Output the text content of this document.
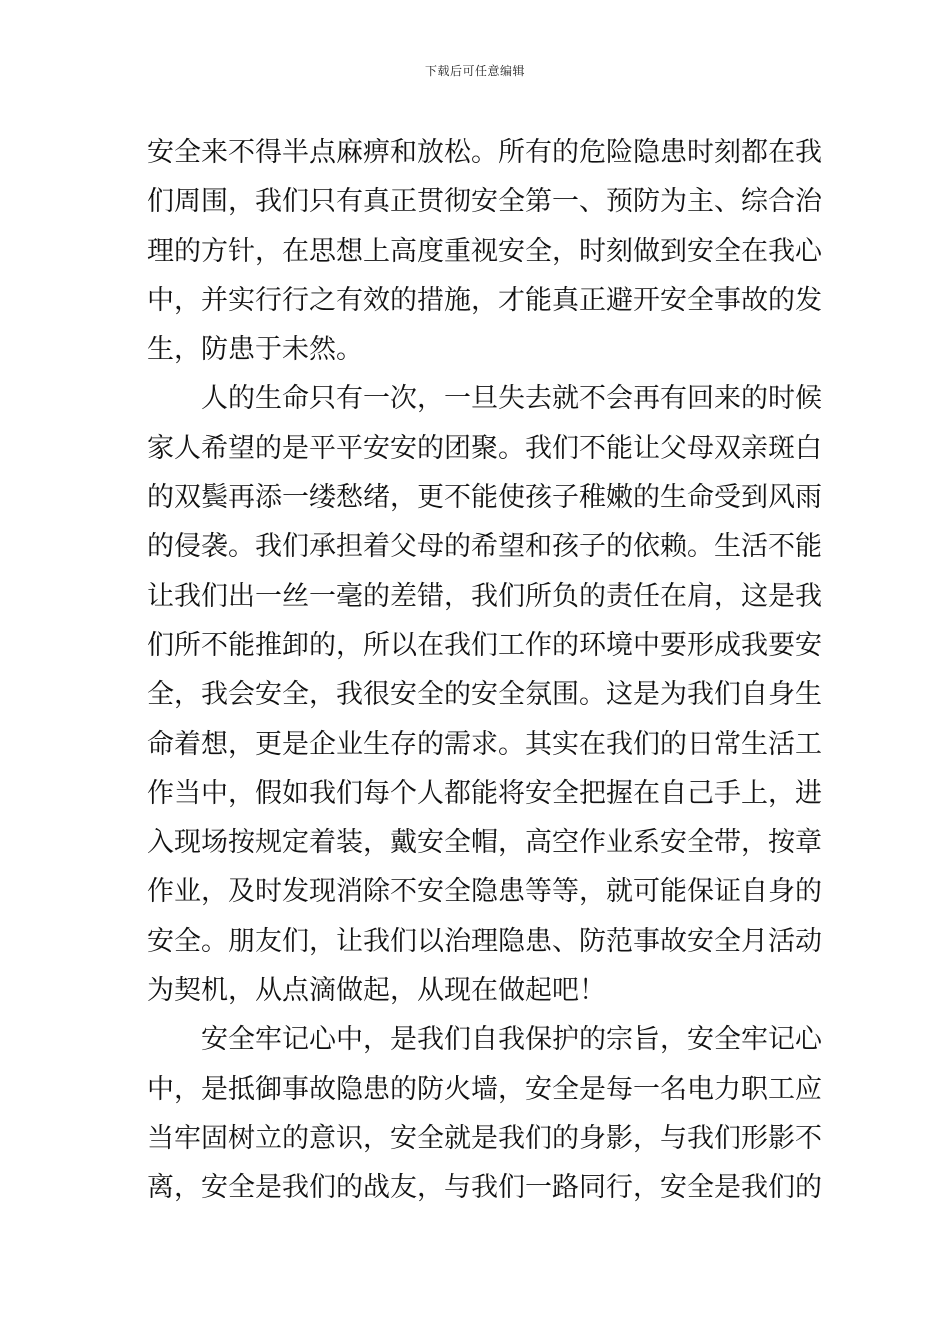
下载后可任意编辑
安全来不得半点麻痹和放松。所有的危险隐患时刻都在我
们周围，我们只有真正贯彻安全第一、预防为主、综合治
理的方针，在思想上高度重视安全，时刻做到安全在我心
中，并实行行之有效的措施，才能真正避开安全事故的发
生，防患于未然。
人的生命只有一次，一旦失去就不会再有回来的时候
家人希望的是平平安安的团聚。我们不能让父母双亲斑白
的双鬓再添一缕愁绪，更不能使孩子稚嫩的生命受到风雨
的侵袭。我们承担着父母的希望和孩子的依赖。生活不能
让我们出一丝一毫的差错，我们所负的责任在肩，这是我
们所不能推卸的，所以在我们工作的环境中要形成我要安
全，我会安全，我很安全的安全氛围。这是为我们自身生
命着想，更是企业生存的需求。其实在我们的日常生活工
作当中，假如我们每个人都能将安全把握在自己手上，进
入现场按规定着装，戴安全帽，高空作业系安全带，按章
作业，及时发现消除不安全隐患等等，就可能保证自身的
安全。朋友们，让我们以治理隐患、防范事故安全月活动
为契机，从点滴做起，从现在做起吧！
安全牢记心中，是我们自我保护的宗旨，安全牢记心
中，是抵御事故隐患的防火墙，安全是每一名电力职工应
当牢固树立的意识，安全就是我们的身影，与我们形影不
离，安全是我们的战友，与我们一路同行，安全是我们的
